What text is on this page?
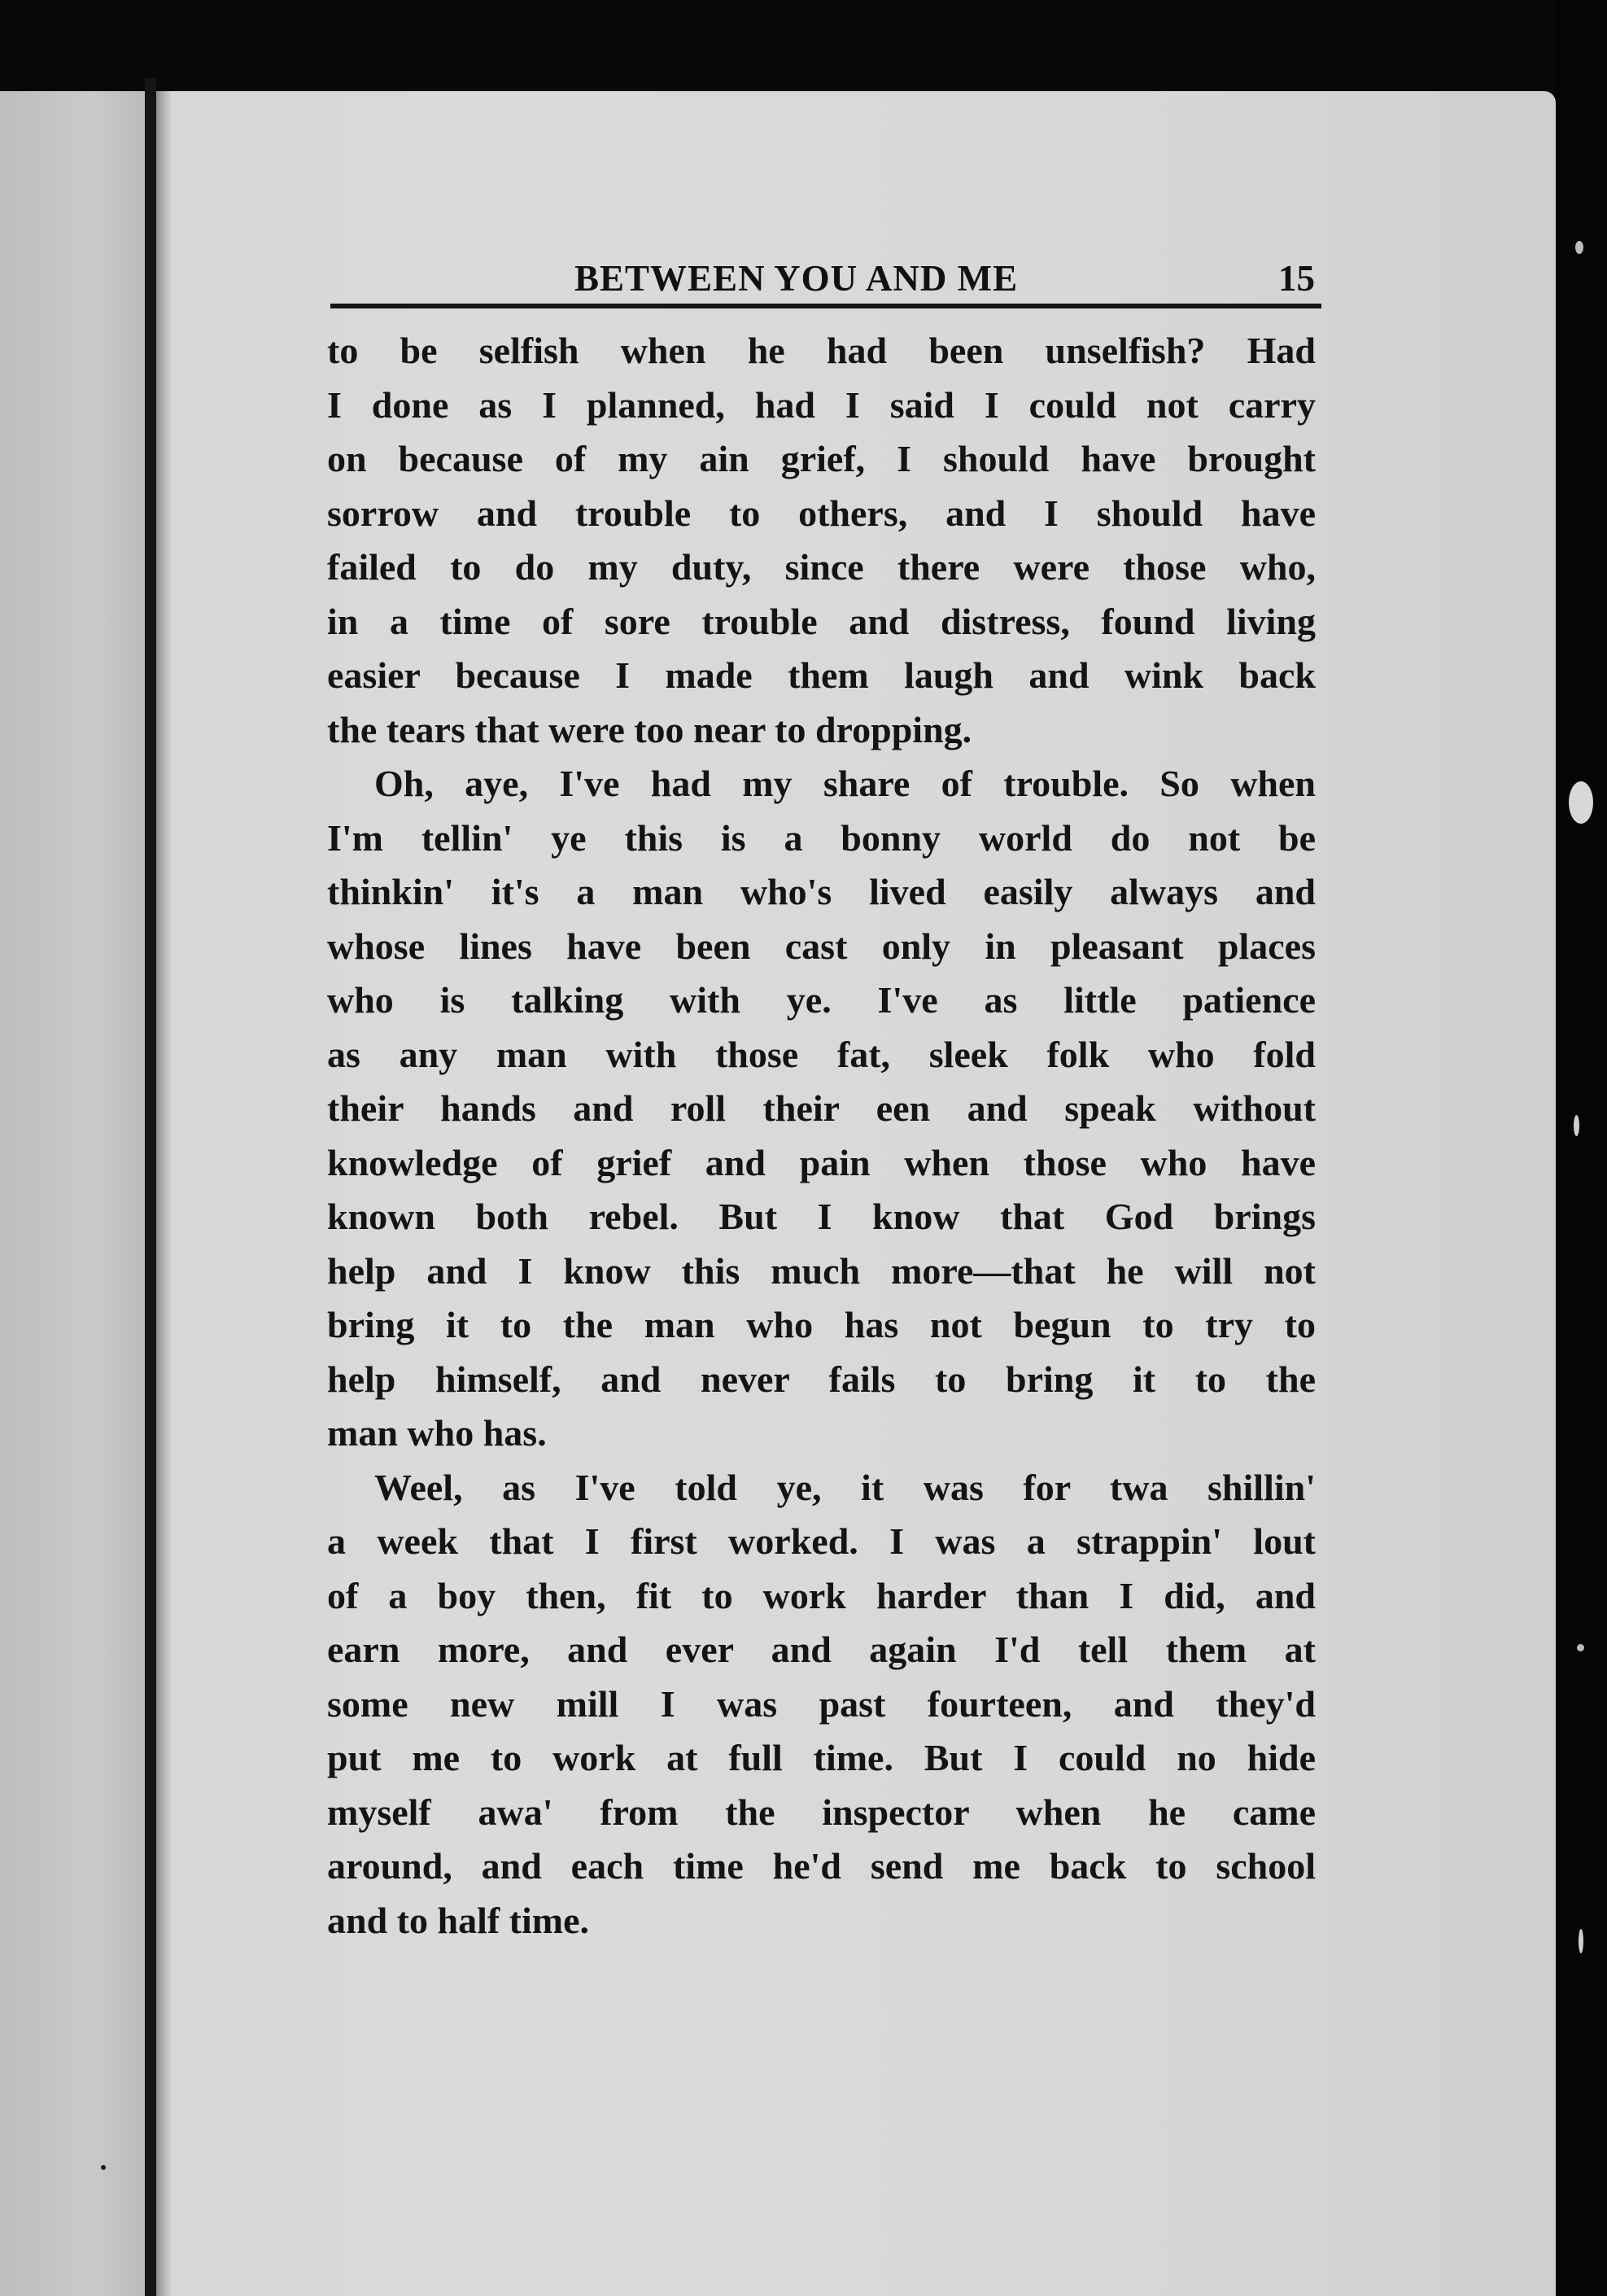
BETWEEN YOU AND ME	15
to be selfish when he had been unselfish? Had
I done as I planned, had I said I could not carry
on because of my ain grief, I should have brought
sorrow and trouble to others, and I should have
failed to do my duty, since there were those who,
in a time of sore trouble and distress, found living
easier because I made them laugh and wink back
the tears that were too near to dropping.
Oh, aye, I've had my share of trouble. So when
I'm tellin' ye this is a bonny world do not be
thinkin' it's a man who's lived easily always and
whose lines have been cast only in pleasant places
who is talking with ye. I've as little patience
as any man with those fat, sleek folk who fold
their hands and roll their een and speak without
knowledge of grief and pain when those who have
known both rebel. But I know that God brings
help and I know this much more—that he will not
bring it to the man who has not begun to try to
help himself, and never fails to bring it to the
man who has.
Weel, as I've told ye, it was for twa shillin'
a week that I first worked. I was a strappin' lout
of a boy then, fit to work harder than I did, and
earn more, and ever and again I'd tell them at
some new mill I was past fourteen, and they'd
put me to work at full time. But I could no hide
myself awa' from the inspector when he came
around, and each time he'd send me back to school
and to half time.
